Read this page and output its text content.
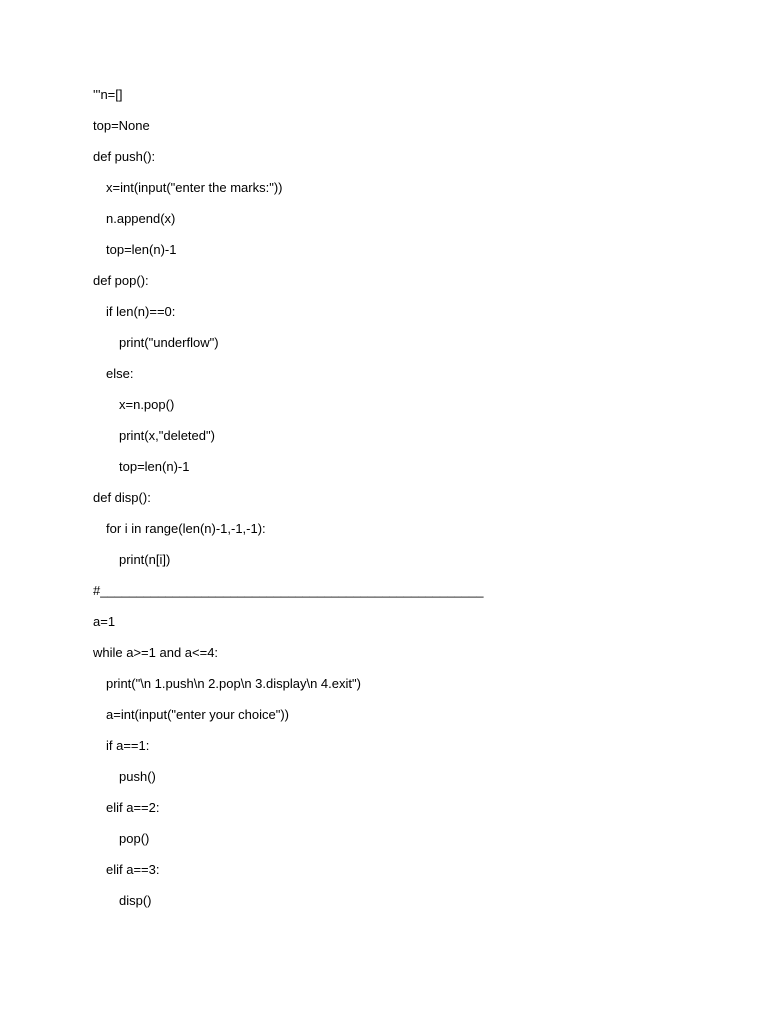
'''n=[]
top=None
def push():
x=int(input("enter the marks:"))
n.append(x)
top=len(n)-1
def pop():
if len(n)==0:
print("underflow")
else:
x=n.pop()
print(x,"deleted")
top=len(n)-1
def disp():
for i in range(len(n)-1,-1,-1):
print(n[i])
#_____________________________________________________
a=1
while a>=1 and a<=4:
print("\n 1.push\n 2.pop\n 3.display\n 4.exit")
a=int(input("enter your choice"))
if a==1:
push()
elif a==2:
pop()
elif a==3:
disp()
